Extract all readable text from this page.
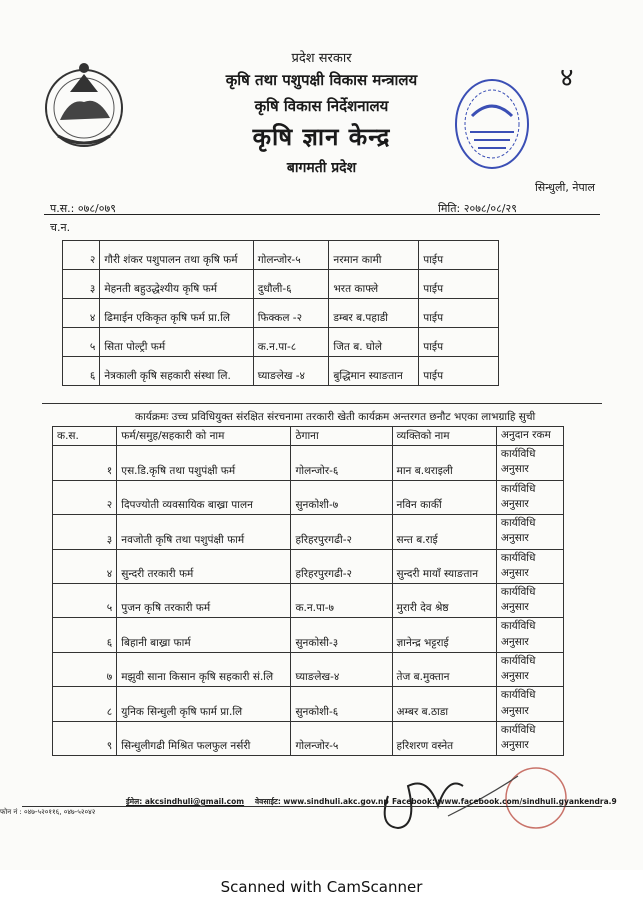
४
प्रदेश सरकार
कृषि तथा पशुपक्षी विकास मन्त्रालय
कृषि विकास निर्देशनालय
कृषि ज्ञान केन्द्र
बागमती प्रदेश
सिन्धुली, नेपाल
प.स.: ०७८/०७९	मिति: २०७८/०८/२९
च.न.
२	गौरी शंकर पशुपालन तथा कृषि फर्म	गोलन्जोर-५	नरमान कामी	पाईप
३	मेहनती बहुउद्धेश्यीय कृषि फर्म	दुधौली-६	भरत काफ्ले	पाईप
४	ढिमाईन एकिकृत कृषि फर्म प्रा.लि	फिक्कल -२	डम्बर ब.पहाडी	पाईप
५	सिता पोल्ट्री फर्म	क.न.पा-८	जित ब. घोले	पाईप
६	नेत्रकाली कृषि सहकारी संस्था लि.	घ्याङलेख -४	बुद्धिमान स्याङतान	पाईप
कार्यक्रमः उच्च प्रविधियुक्त संरक्षित संरचनामा तरकारी खेती कार्यक्रम अन्तरगत छनौट भएका लाभग्राहि सुची
क.स.	फर्म/समुह/सहकारी को नाम	ठेगाना	व्यक्तिको नाम	अनुदान रकम
१	एस.डि.कृषि तथा पशुपंक्षी फर्म	गोलन्जोर-६	मान ब.थराइली	कार्यविधि अनुसार
२	दिपज्योती व्यवसायिक बाख्रा पालन	सुनकोशी-७	नविन कार्की	कार्यविधि अनुसार
३	नवजोती कृषि तथा पशुपंक्षी फार्म	हरिहरपुरगढी-२	सन्त ब.राई	कार्यविधि अनुसार
४	सुन्दरी तरकारी फर्म	हरिहरपुरगढी-२	सुन्दरी मायाँ स्याङतान	कार्यविधि अनुसार
५	पुजन कृषि तरकारी फर्म	क.न.पा-७	मुरारी देव श्रेष्ठ	कार्यविधि अनुसार
६	बिहानी बाख्रा फार्म	सुनकोसी-३	ज्ञानेन्द्र भट्टराई	कार्यविधि अनुसार
७	मझुवी साना किसान कृषि सहकारी सं.लि	घ्याङलेख-४	तेज ब.मुक्तान	कार्यविधि अनुसार
८	युनिक सिन्धुली कृषि फार्म प्रा.लि	सुनकोशी-६	अम्बर ब.ठाडा	कार्यविधि अनुसार
९	सिन्धुलीगढी मिश्रित फलफुल नर्सरी	गोलन्जोर-५	हरिशरण वस्नेत	कार्यविधि अनुसार
फोन नं : ०४७-५२०११६, ०४७-५२०४२
ईमेल: akcsindhuli@gmail.com वेवसाईट: www.sindhuli.akc.gov.np Facebook: www.facebook.com/sindhuli.gyankendra.9
Scanned with CamScanner
